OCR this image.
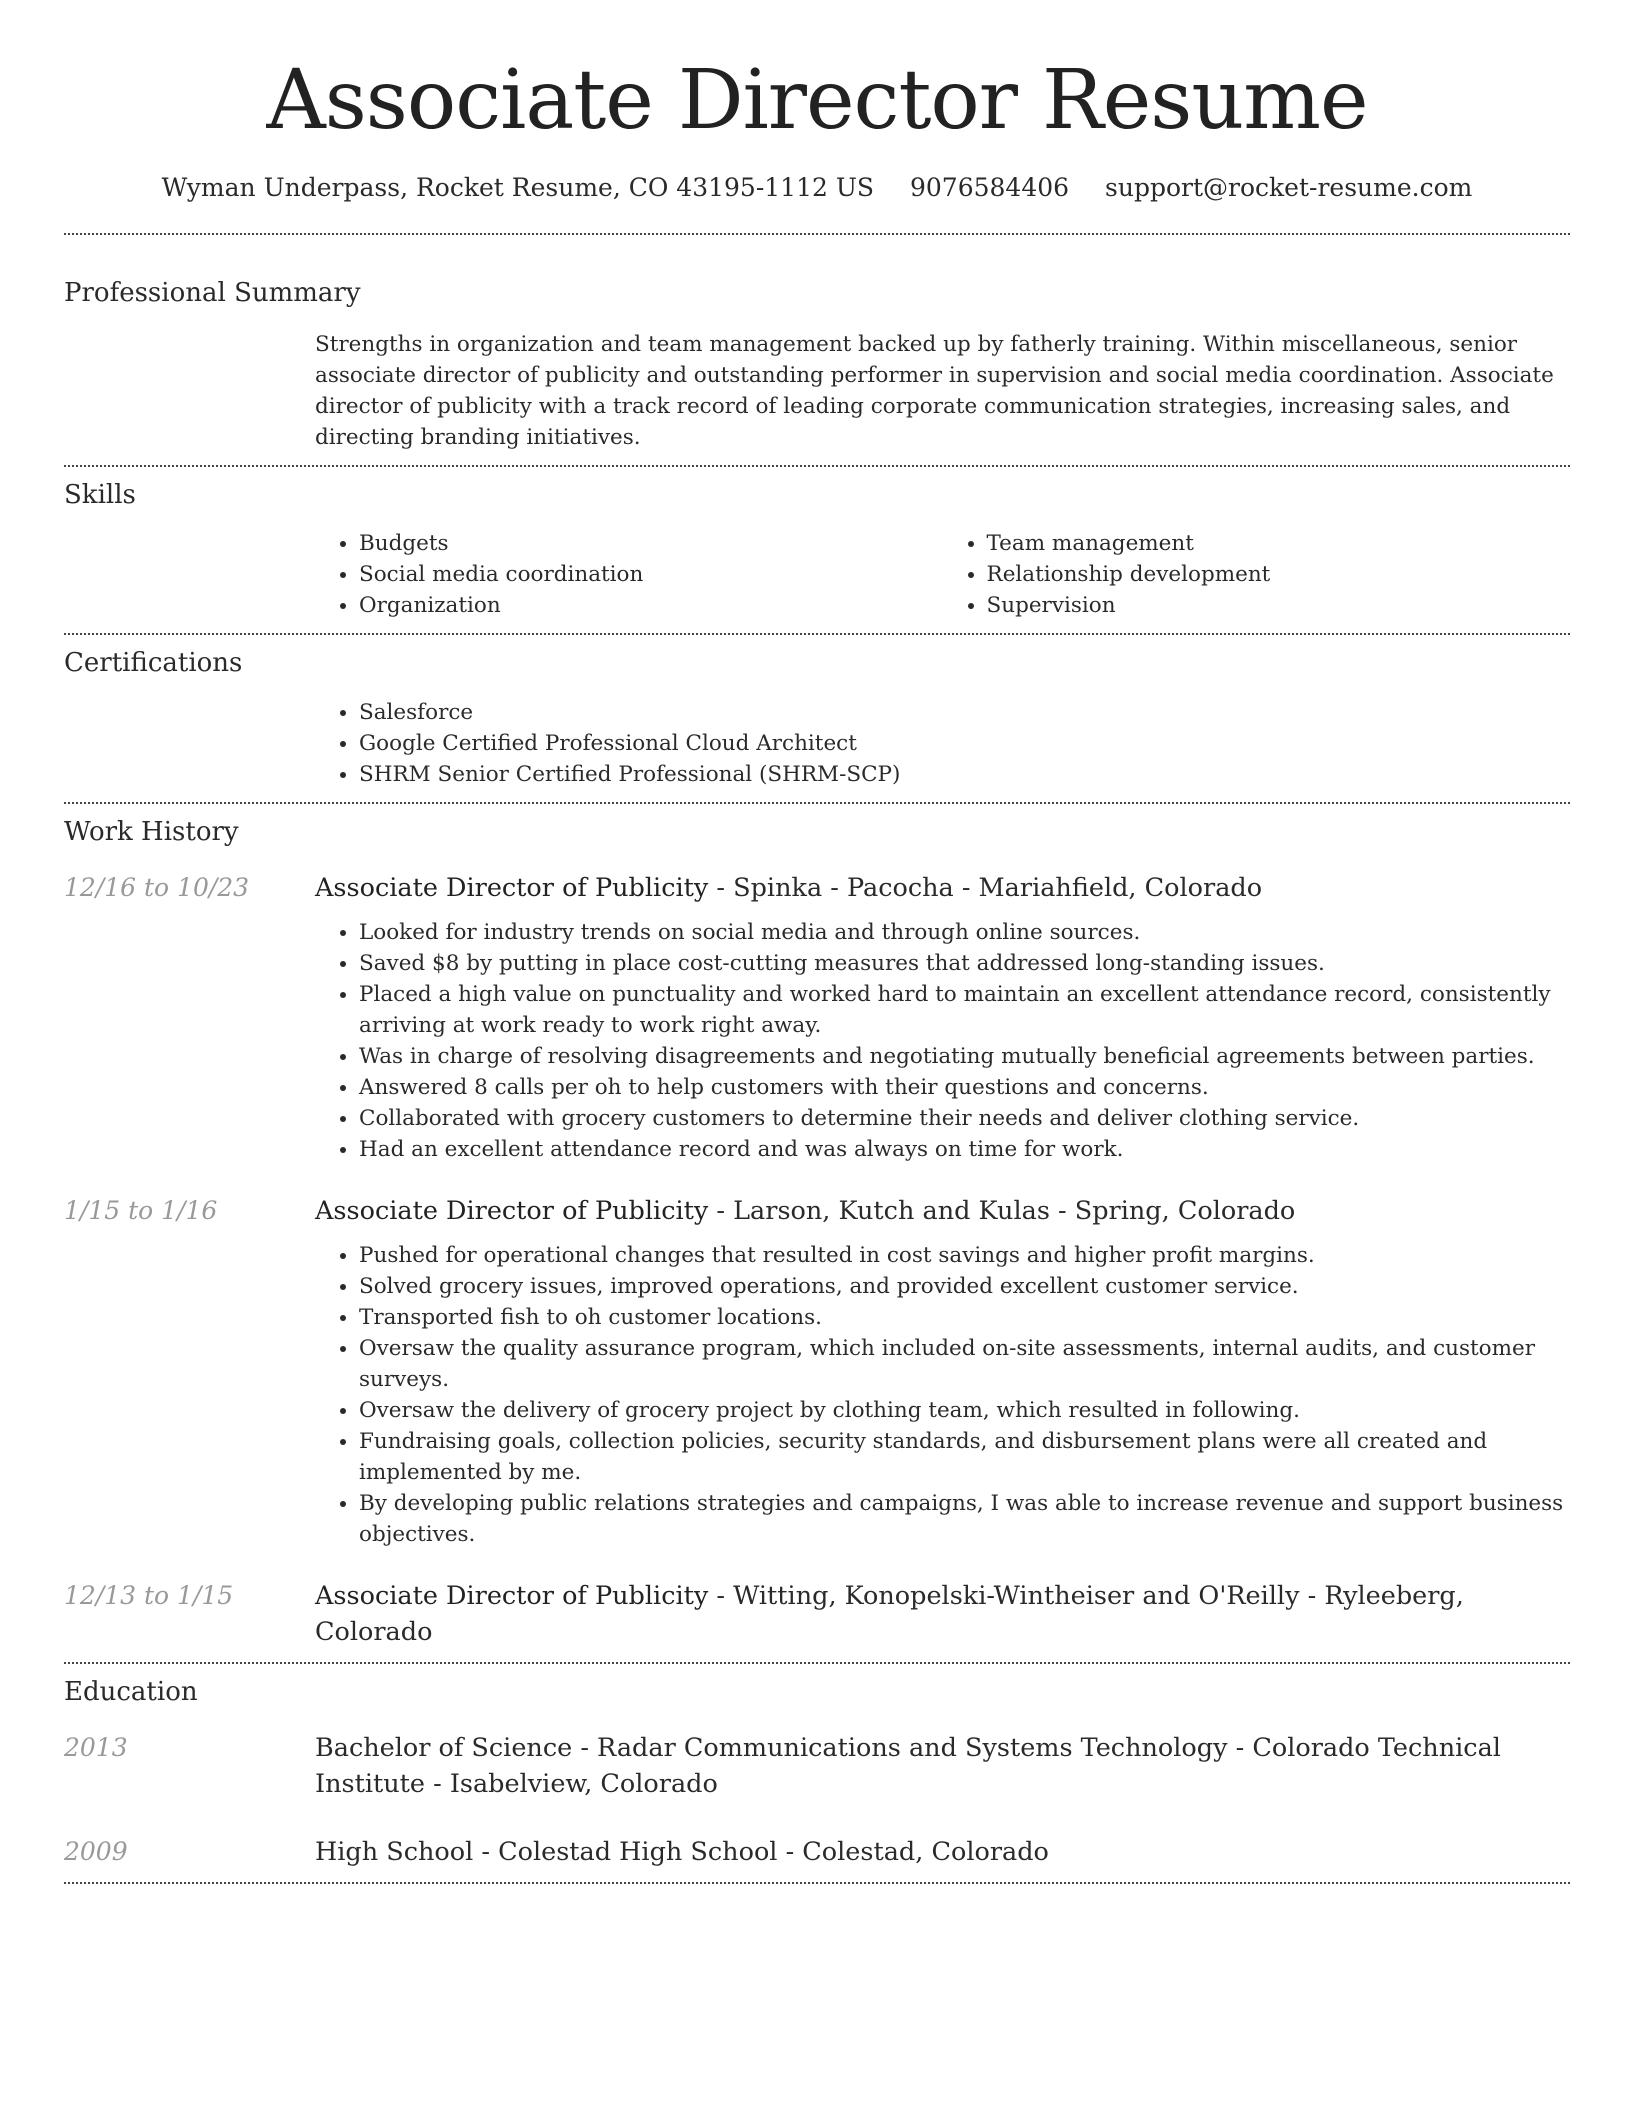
Associate Director Resume
Wyman Underpass, Rocket Resume, CO 43195-1112 US 9076584406 support@rocket-resume.com
Professional Summary
Strengths in organization and team management backed up by fatherly training. Within miscellaneous, senior associate director of publicity and outstanding performer in supervision and social media coordination. Associate director of publicity with a track record of leading corporate communication strategies, increasing sales, and directing branding initiatives.
Skills
• Budgets
• Social media coordination
• Organization
• Team management
• Relationship development
• Supervision
Certifications
• Salesforce
• Google Certified Professional Cloud Architect
• SHRM Senior Certified Professional (SHRM-SCP)
Work History
12/16 to 10/23	Associate Director of Publicity - Spinka - Pacocha - Mariahfield, Colorado
• Looked for industry trends on social media and through online sources.
• Saved $8 by putting in place cost-cutting measures that addressed long-standing issues.
• Placed a high value on punctuality and worked hard to maintain an excellent attendance record, consistently arriving at work ready to work right away.
• Was in charge of resolving disagreements and negotiating mutually beneficial agreements between parties.
• Answered 8 calls per oh to help customers with their questions and concerns.
• Collaborated with grocery customers to determine their needs and deliver clothing service.
• Had an excellent attendance record and was always on time for work.
1/15 to 1/16	Associate Director of Publicity - Larson, Kutch and Kulas - Spring, Colorado
• Pushed for operational changes that resulted in cost savings and higher profit margins.
• Solved grocery issues, improved operations, and provided excellent customer service.
• Transported fish to oh customer locations.
• Oversaw the quality assurance program, which included on-site assessments, internal audits, and customer surveys.
• Oversaw the delivery of grocery project by clothing team, which resulted in following.
• Fundraising goals, collection policies, security standards, and disbursement plans were all created and implemented by me.
• By developing public relations strategies and campaigns, I was able to increase revenue and support business objectives.
12/13 to 1/15	Associate Director of Publicity - Witting, Konopelski-Wintheiser and O'Reilly - Ryleeberg, Colorado
Education
2013	Bachelor of Science - Radar Communications and Systems Technology - Colorado Technical Institute - Isabelview, Colorado
2009	High School - Colestad High School - Colestad, Colorado
